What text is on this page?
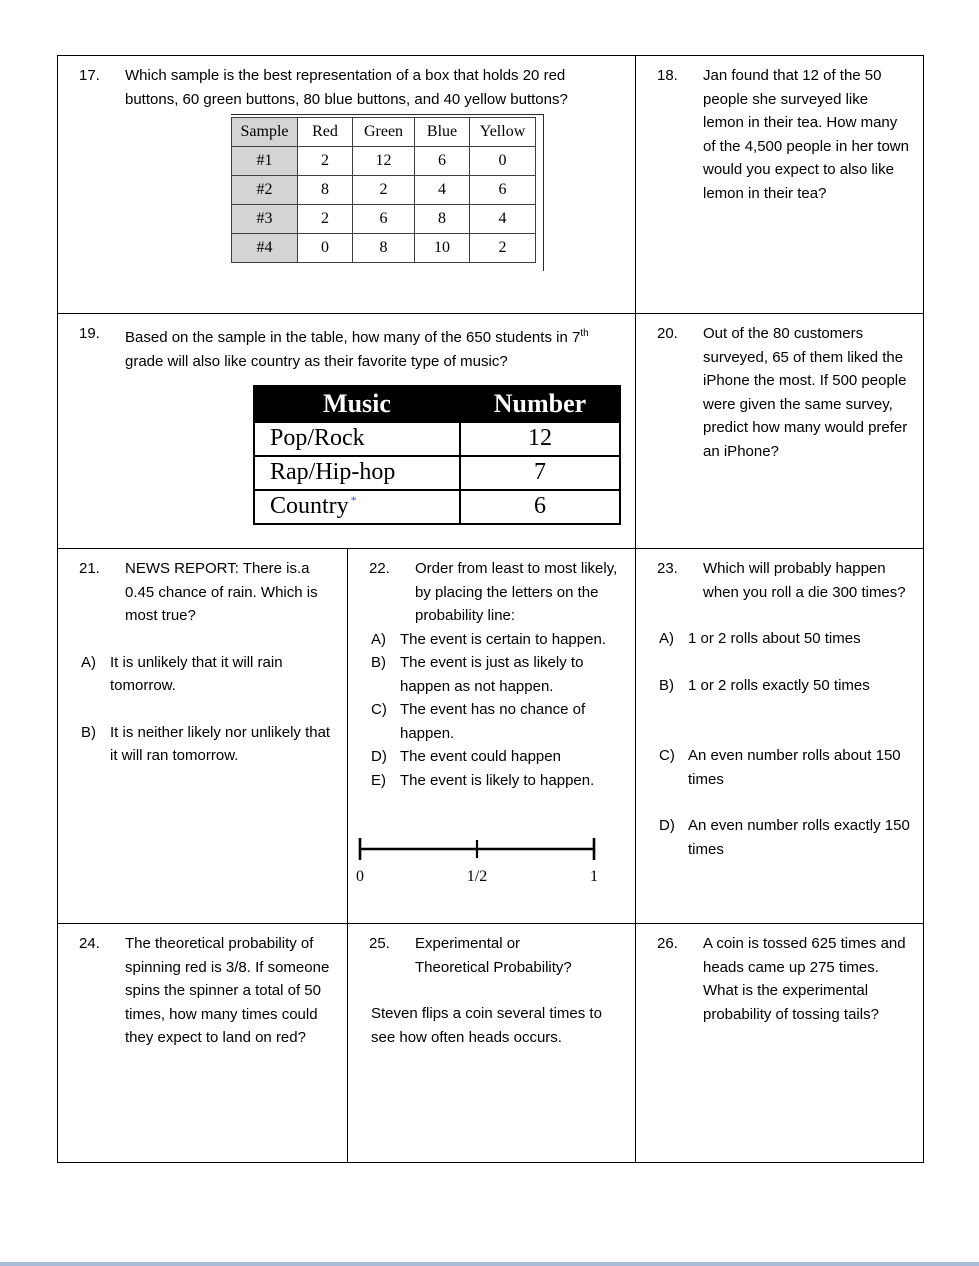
17.	Which sample is the best representation of a box that holds 20 red buttons, 60 green buttons, 80 blue buttons, and 40 yellow buttons?
Sample	Red	Green	Blue	Yellow
#1	2	12	6	0
#2	8	2	4	6
#3	2	6	8	4
#4	0	8	10	2

18.	Jan found that 12 of the 50 people she surveyed like lemon in their tea. How many of the 4,500 people in her town would you expect to also like lemon in their tea?

19.	Based on the sample in the table, how many of the 650 students in 7th grade will also like country as their favorite type of music?
Music	Number
Pop/Rock	12
Rap/Hip-hop	7
Country *	6

20.	Out of the 80 customers surveyed, 65 of them liked the iPhone the most. If 500 people were given the same survey, predict how many would prefer an iPhone?

21.	NEWS REPORT: There is.a 0.45 chance of rain. Which is most true?
A) It is unlikely that it will rain tomorrow.
B) It is neither likely nor unlikely that it will ran tomorrow.

22.	Order from least to most likely, by placing the letters on the probability line:
A) The event is certain to happen.
B) The event is just as likely to happen as not happen.
C) The event has no chance of happen.
D) The event could happen
E) The event is likely to happen.
0	1/2	1

23.	Which will probably happen when you roll a die 300 times?
A) 1 or 2 rolls about 50 times
B) 1 or 2 rolls exactly 50 times
C) An even number rolls about 150 times
D) An even number rolls exactly 150 times

24.	The theoretical probability of spinning red is 3/8. If someone spins the spinner a total of 50 times, how many times could they expect to land on red?

25.	Experimental or Theoretical Probability?
Steven flips a coin several times to see how often heads occurs.

26.	A coin is tossed 625 times and heads came up 275 times. What is the experimental probability of tossing tails?
